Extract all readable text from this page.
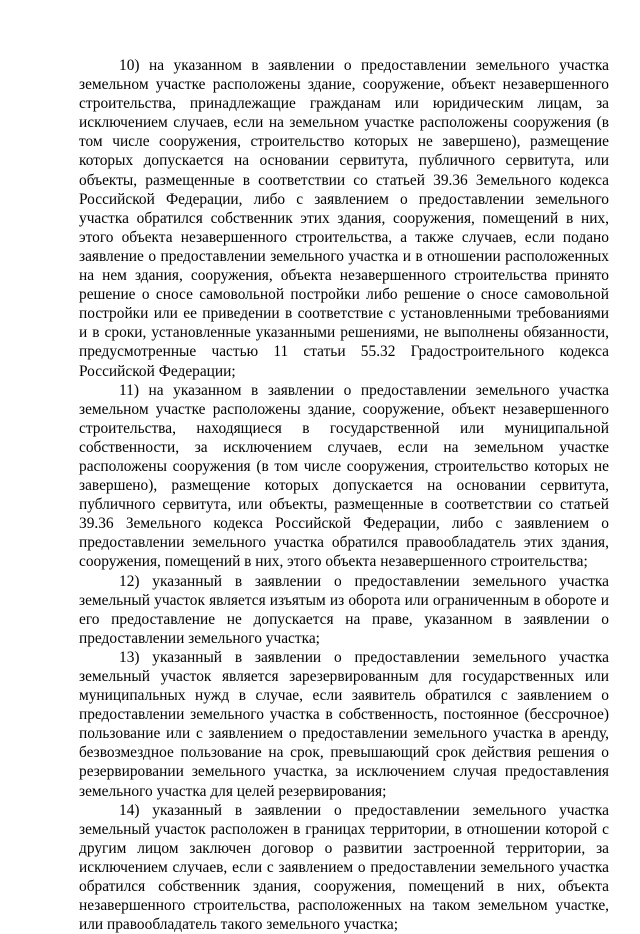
10) на указанном в заявлении о предоставлении земельного участка земельном участке расположены здание, сооружение, объект незавершенного строительства, принадлежащие гражданам или юридическим лицам, за исключением случаев, если на земельном участке расположены сооружения (в том числе сооружения, строительство которых не завершено), размещение которых допускается на основании сервитута, публичного сервитута, или объекты, размещенные в соответствии со статьей 39.36 Земельного кодекса Российской Федерации, либо с заявлением о предоставлении земельного участка обратился собственник этих здания, сооружения, помещений в них, этого объекта незавершенного строительства, а также случаев, если подано заявление о предоставлении земельного участка и в отношении расположенных на нем здания, сооружения, объекта незавершенного строительства принято решение о сносе самовольной постройки либо решение о сносе самовольной постройки или ее приведении в соответствие с установленными требованиями и в сроки, установленные указанными решениями, не выполнены обязанности, предусмотренные частью 11 статьи 55.32 Градостроительного кодекса Российской Федерации;

11) на указанном в заявлении о предоставлении земельного участка земельном участке расположены здание, сооружение, объект незавершенного строительства, находящиеся в государственной или муниципальной собственности, за исключением случаев, если на земельном участке расположены сооружения (в том числе сооружения, строительство которых не завершено), размещение которых допускается на основании сервитута, публичного сервитута, или объекты, размещенные в соответствии со статьей 39.36 Земельного кодекса Российской Федерации, либо с заявлением о предоставлении земельного участка обратился правообладатель этих здания, сооружения, помещений в них, этого объекта незавершенного строительства;

12) указанный в заявлении о предоставлении земельного участка земельный участок является изъятым из оборота или ограниченным в обороте и его предоставление не допускается на праве, указанном в заявлении о предоставлении земельного участка;

13) указанный в заявлении о предоставлении земельного участка земельный участок является зарезервированным для государственных или муниципальных нужд в случае, если заявитель обратился с заявлением о предоставлении земельного участка в собственность, постоянное (бессрочное) пользование или с заявлением о предоставлении земельного участка в аренду, безвозмездное пользование на срок, превышающий срок действия решения о резервировании земельного участка, за исключением случая предоставления земельного участка для целей резервирования;

14) указанный в заявлении о предоставлении земельного участка земельный участок расположен в границах территории, в отношении которой с другим лицом заключен договор о развитии застроенной территории, за исключением случаев, если с заявлением о предоставлении земельного участка обратился собственник здания, сооружения, помещений в них, объекта незавершенного строительства, расположенных на таком земельном участке, или правообладатель такого земельного участка;
